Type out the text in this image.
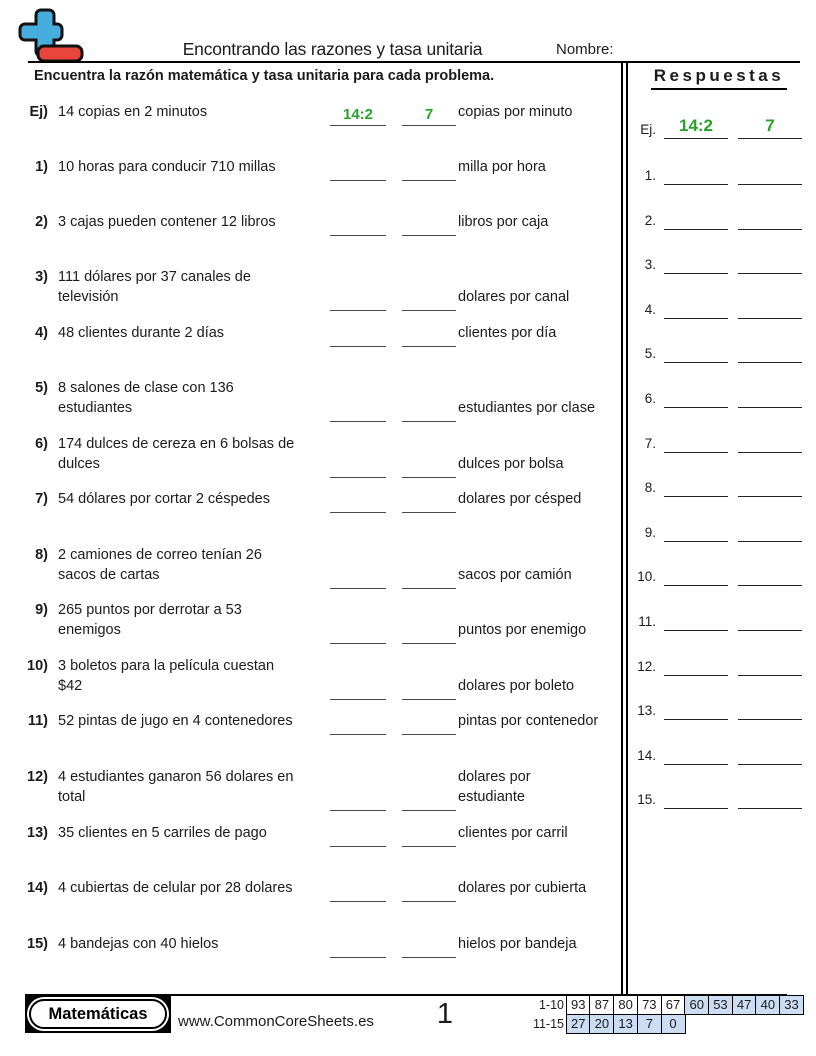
Encontrando las razones y tasa unitaria	Nombre:
Encuentra la razón matemática y tasa unitaria para cada problema.	Respuestas
Ej) 14 copias en 2 minutos	14:2	7	copias por minuto
1) 10 horas para conducir 710 millas	milla por hora
2) 3 cajas pueden contener 12 libros	libros por caja
3) 111 dólares por 37 canales de
televisión	dolares por canal
4) 48 clientes durante 2 días	clientes por día
5) 8 salones de clase con 136
estudiantes	estudiantes por clase
6) 174 dulces de cereza en 6 bolsas de
dulces	dulces por bolsa
7) 54 dólares por cortar 2 céspedes	dolares por césped
8) 2 camiones de correo tenían 26
sacos de cartas	sacos por camión
9) 265 puntos por derrotar a 53
enemigos	puntos por enemigo
10) 3 boletos para la película cuestan
$42	dolares por boleto
11) 52 pintas de jugo en 4 contenedores	pintas por contenedor
12) 4 estudiantes ganaron 56 dolares en
total
dolares por
estudiante
13) 35 clientes en 5 carriles de pago	clientes por carril
14) 4 cubiertas de celular por 28 dolares	dolares por cubierta
15) 4 bandejas con 40 hielos	hielos por bandeja
Ej.	14:2	7
1.
2.
3.
4.
5.
6.
7.
8.
9.
10.
11.
12.
13.
14.
15.
Matemáticas	www.CommonCoreSheets.es	1	1-10 93 87 80 73 67 60 53 47 40 33
11-15 27 20 13 7	0
